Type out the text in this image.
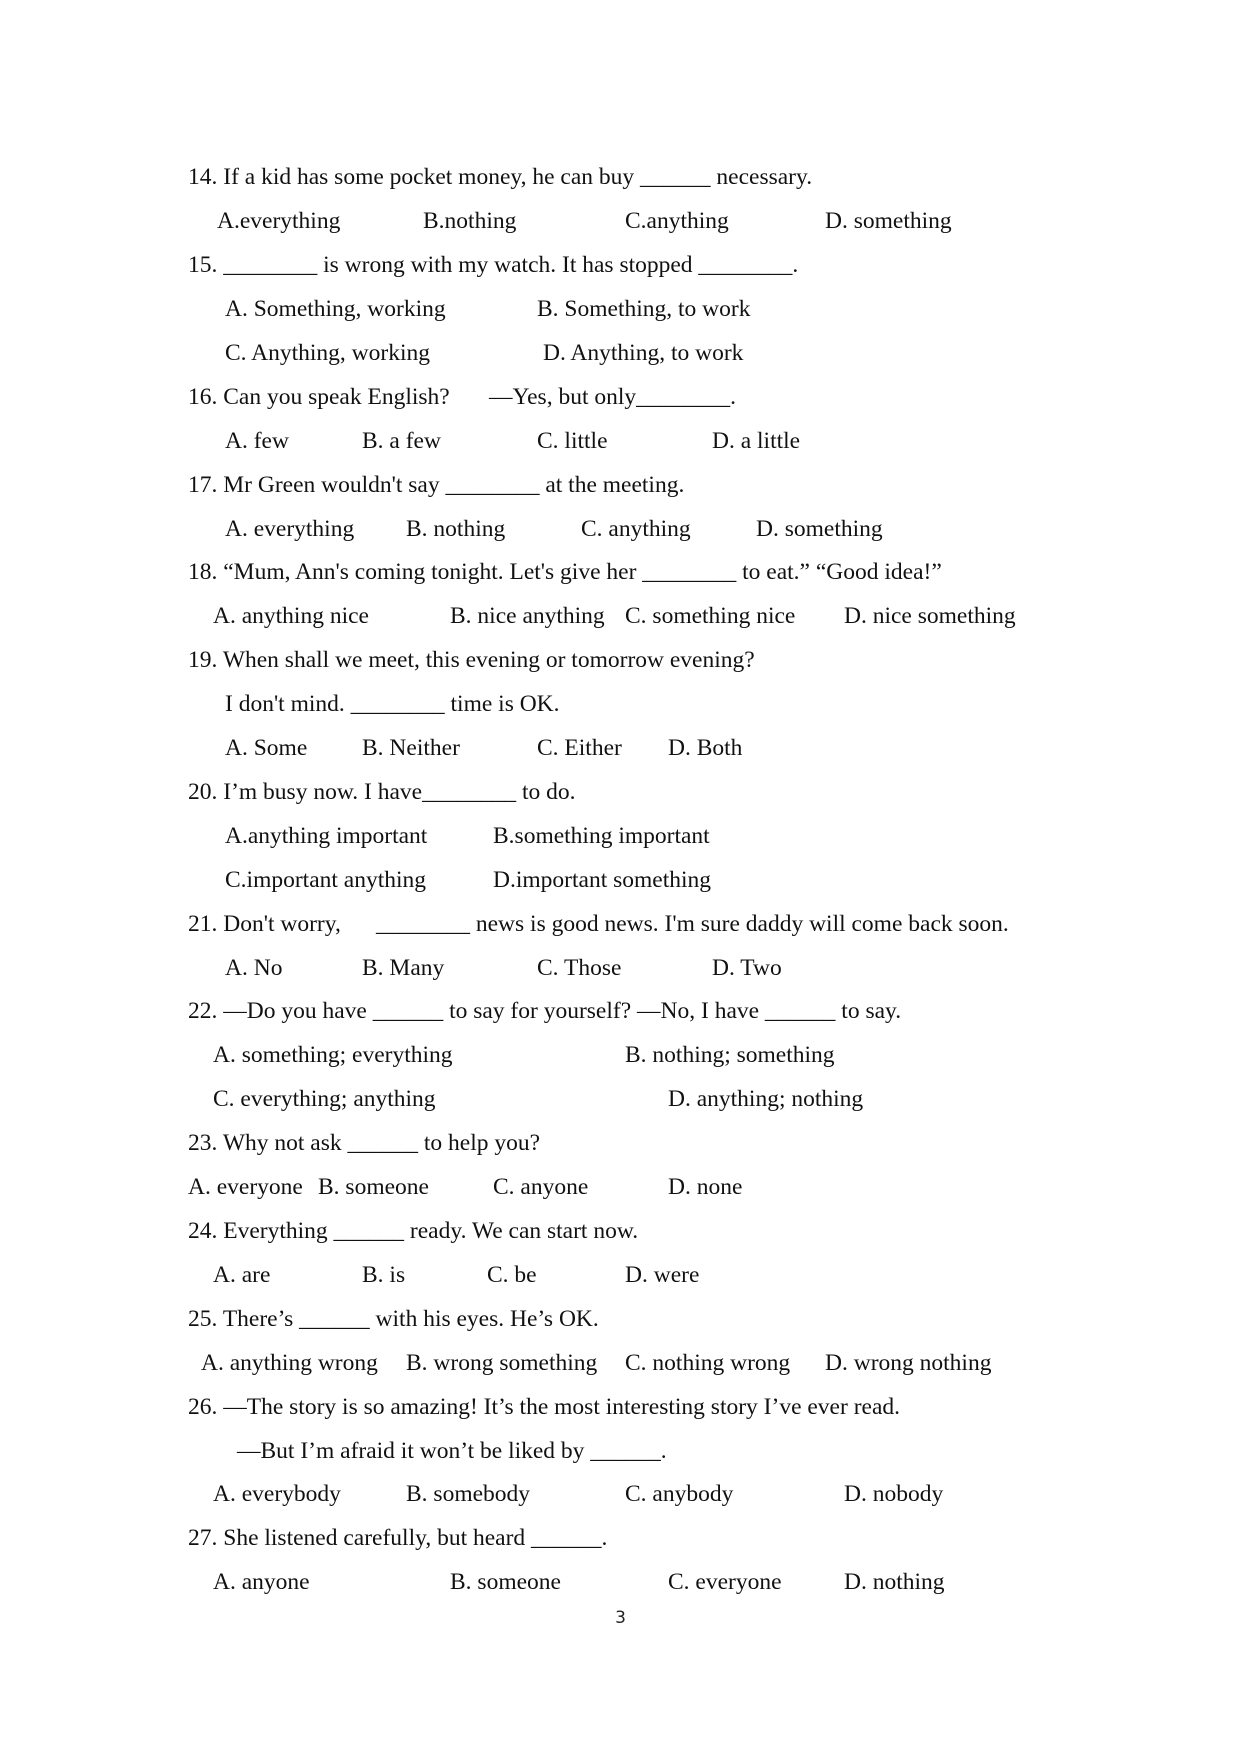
14. If a kid has some pocket money, he can buy ______ necessary.
A.everything	B.nothing	C.anything	D. something
15. ________ is wrong with my watch. It has stopped ________.
A. Something, working	B. Something, to work
C. Anything, working	D. Anything, to work
16. Can you speak English? —Yes, but only________.
A. few	B. a few	C. little	D. a little
17. Mr Green wouldn't say ________ at the meeting.
A. everything B. nothing	C. anything	D. something
18. “Mum, Ann's coming tonight. Let's give her ________ to eat.” “Good idea!”
A. anything nice	B. nice anything C. something nice D. nice something
19. When shall we meet, this evening or tomorrow evening?
I don't mind. ________ time is OK.
A. Some B. Neither	C. Either D. Both
20. I’m busy now. I have________ to do.
A.anything important	B.something important
C.important anything	D.important something
21. Don't worry, ________ news is good news. I'm sure daddy will come back soon.
A. No	B. Many	C. Those	D. Two
22. —Do you have ______ to say for yourself? —No, I have ______ to say.
A. something; everything	B. nothing; something
C. everything; anything	D. anything; nothing
23. Why not ask ______ to help you?
A. everyone B. someone	C. anyone	D. none
24. Everything ______ ready. We can start now.
A. are	B. is	C. be	D. were
25. There’s ______ with his eyes. He’s OK.
A. anything wrong B. wrong something C. nothing wrong D. wrong nothing
26. —The story is so amazing! It’s the most interesting story I’ve ever read.
—But I’m afraid it won’t be liked by ______.
A. everybody	B. somebody	C. anybody	D. nobody
27. She listened carefully, but heard ______.
A. anyone	B. someone	C. everyone	D. nothing
3
